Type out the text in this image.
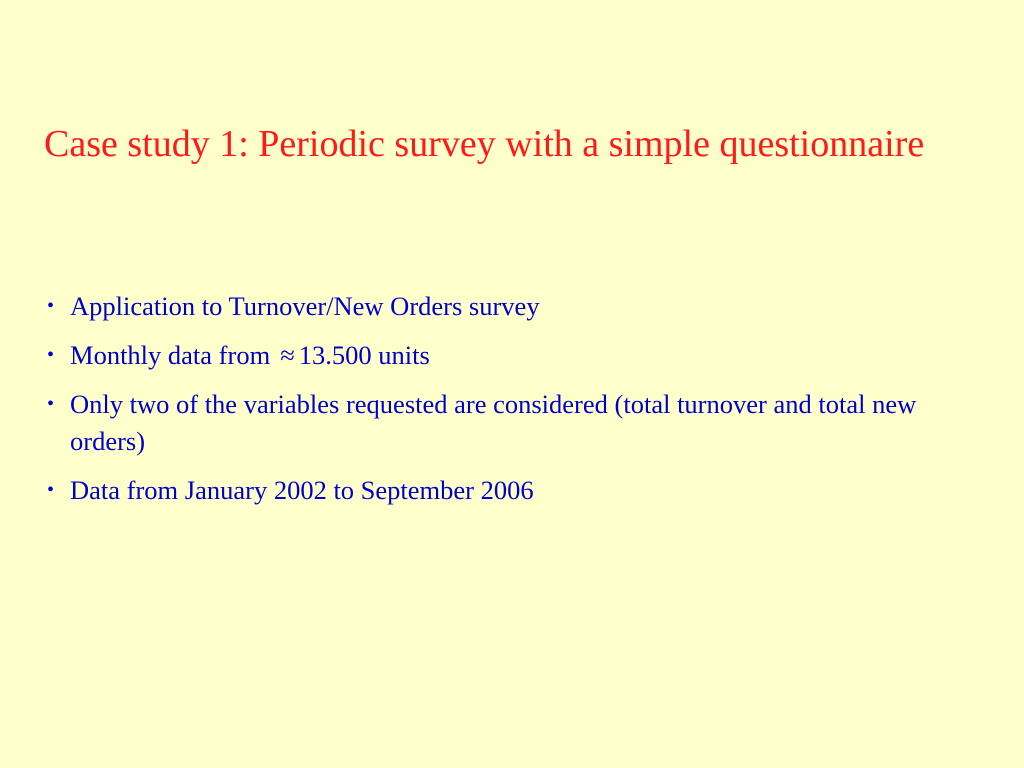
Case study 1: Periodic survey with a simple questionnaire
• Application to Turnover/New Orders survey
• Monthly data from ≈ 13.500 units
• Only two of the variables requested are considered (total turnover and total new orders)
• Data from January 2002 to September 2006
